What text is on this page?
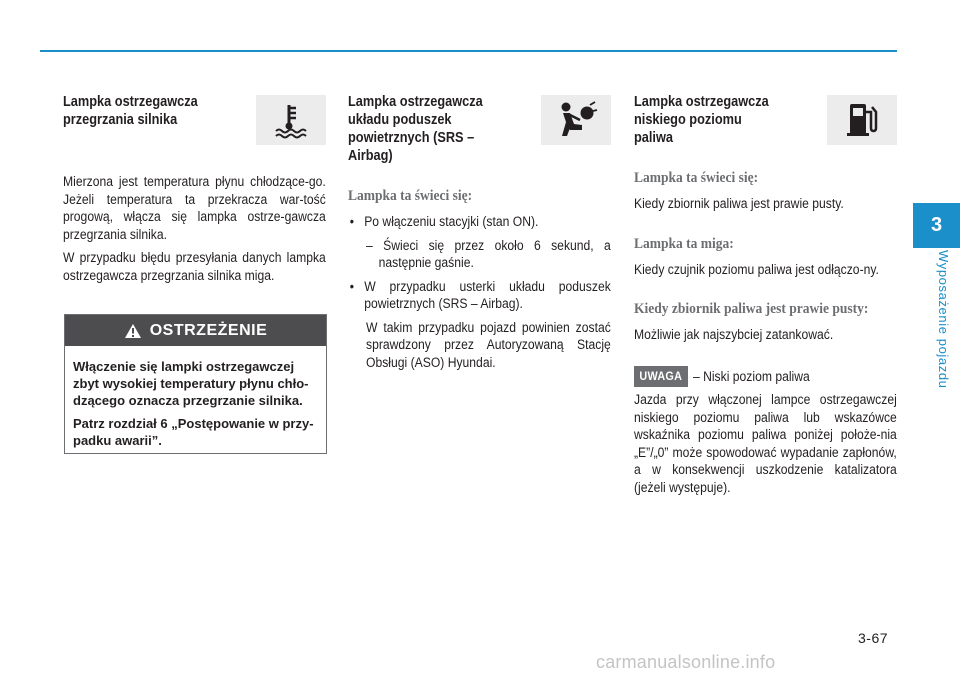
Lampka ostrzegawcza przegrzania silnika

Mierzona jest temperatura płynu chłodzące-go. Jeżeli temperatura ta przekracza war-tość progową, włącza się lampka ostrze-gawcza przegrzania silnika.

W przypadku błędu przesyłania danych lampka ostrzegawcza przegrzania silnika miga.

OSTRZEŻENIE

Włączenie się lampki ostrzegawczej zbyt wysokiej temperatury płynu chło-dzącego oznacza przegrzanie silnika.

Patrz rozdział 6 „Postępowanie w przy-padku awarii”.

Lampka ostrzegawcza układu poduszek powietrznych (SRS – Airbag)
Lampka ta świeci się:
• Po włączeniu stacyjki (stan ON).

– Świeci się przez około 6 sekund, a następnie gaśnie.

• W przypadku usterki układu poduszek powietrznych (SRS – Airbag).

W takim przypadku pojazd powinien zostać sprawdzony przez Autoryzowaną Stację Obsługi (ASO) Hyundai.

Lampka ostrzegawcza niskiego poziomu paliwa
Lampka ta świeci się:

Kiedy zbiornik paliwa jest prawie pusty.

Lampka ta miga:

Kiedy czujnik poziomu paliwa jest odłączo-ny.

Kiedy zbiornik paliwa jest prawie pusty:

Możliwie jak najszybciej zatankować.

UWAGA – Niski poziom paliwa

Jazda przy włączonej lampce ostrzegawczej niskiego poziomu paliwa lub wskazówce wskaźnika poziomu paliwa poniżej położe-nia „E”/„0” może spowodować wypadanie zapłonów, a w konsekwencji uszkodzenie katalizatora (jeżeli występuje).

3
Wyposażenie pojazdu
3-67
carmanualsonline.info
